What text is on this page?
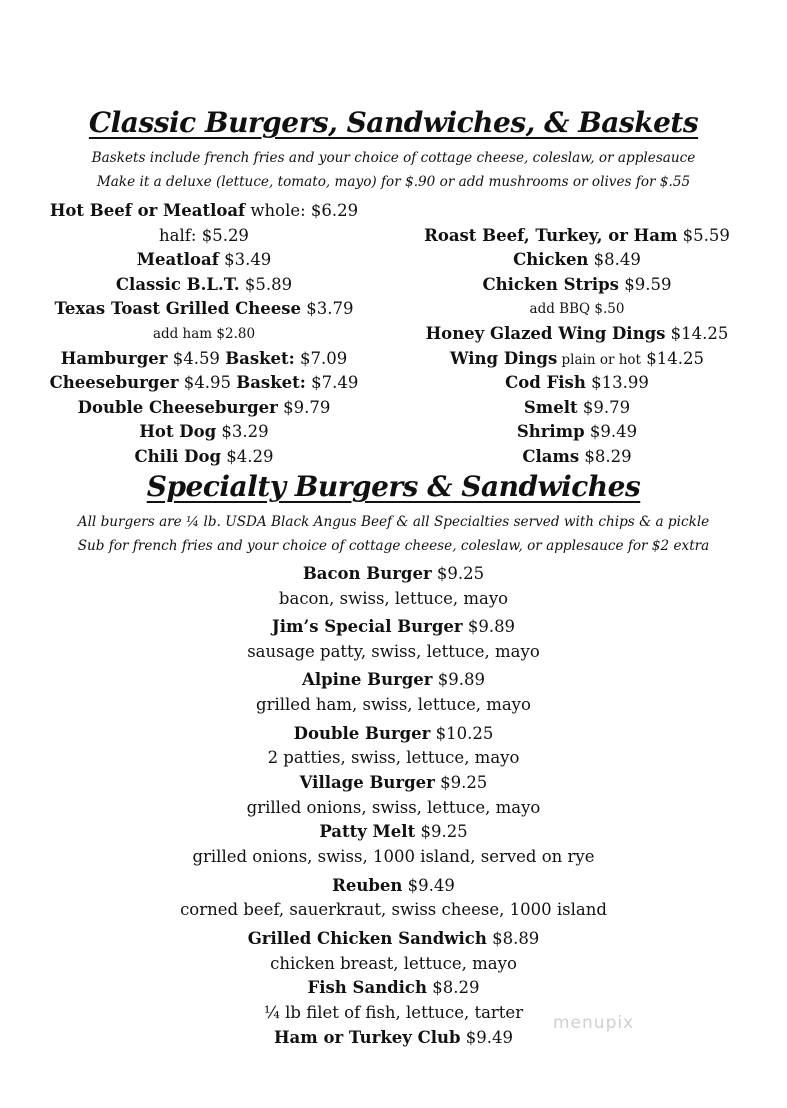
Classic Burgers, Sandwiches, & Baskets
Baskets include french fries and your choice of cottage cheese, coleslaw, or applesauce
Make it a deluxe (lettuce, tomato, mayo) for $.90 or add mushrooms or olives for $.55
Hot Beef or Meatloaf whole: $6.29
half: $5.29
Meatloaf $3.49
Classic B.L.T. $5.89
Texas Toast Grilled Cheese $3.79
add ham $2.80
Hamburger $4.59 Basket: $7.09
Cheeseburger $4.95 Basket: $7.49
Double Cheeseburger $9.79
Hot Dog $3.29
Chili Dog $4.29
Roast Beef, Turkey, or Ham $5.59
Chicken $8.49
Chicken Strips $9.59
add BBQ $.50
Honey Glazed Wing Dings $14.25
Wing Dings plain or hot $14.25
Cod Fish $13.99
Smelt $9.79
Shrimp $9.49
Clams $8.29
Specialty Burgers & Sandwiches
All burgers are ¼ lb. USDA Black Angus Beef & all Specialties served with chips & a pickle
Sub for french fries and your choice of cottage cheese, coleslaw, or applesauce for $2 extra
Bacon Burger $9.25
bacon, swiss, lettuce, mayo
Jim’s Special Burger $9.89
sausage patty, swiss, lettuce, mayo
Alpine Burger $9.89
grilled ham, swiss, lettuce, mayo
Double Burger $10.25
2 patties, swiss, lettuce, mayo
Village Burger $9.25
grilled onions, swiss, lettuce, mayo
Patty Melt $9.25
grilled onions, swiss, 1000 island, served on rye
Reuben $9.49
corned beef, sauerkraut, swiss cheese, 1000 island
Grilled Chicken Sandwich $8.89
chicken breast, lettuce, mayo
Fish Sandich $8.29
¼ lb filet of fish, lettuce, tarter
Ham or Turkey Club $9.49
menupix
